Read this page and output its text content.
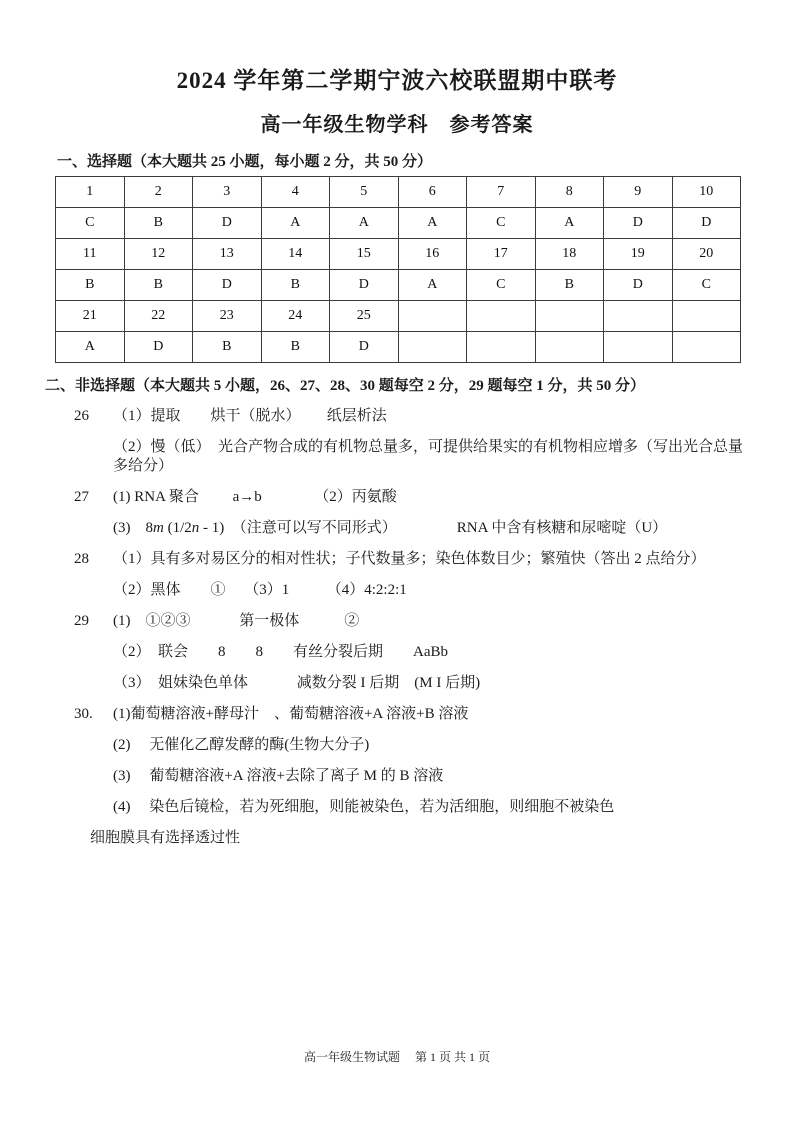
2024 学年第二学期宁波六校联盟期中联考
高一年级生物学科　参考答案
一、选择题（本大题共 25 小题，每小题 2 分，共 50 分）
1	2	3	4	5	6	7	8	9	10
C	B	D	A	A	A	C	A	D	D
11	12	13	14	15	16	17	18	19	20
B	B	D	B	D	A	C	B	D	C
21	22	23	24	25					
A	D	B	B	D					
二、非选择题（本大题共 5 小题，26、27、28、30 题每空 2 分，29 题每空 1 分，共 50 分）
26 （1）提取　　烘干（脱水）　　 纸层析法
（2）慢（低）　光合产物合成的有机物总量多，可提供给果实的有机物相应增多（写出光合总量多给分）
27 (1) RNA 聚合　　 a→b　　　　（2）丙氨酸
(3)　8m (1/2n - 1)　（注意可以写不同形式）　　　　  RNA 中含有核糖和尿嘧啶（U）
28 （1）具有多对易区分的相对性状；子代数量多；染色体数目少；繁殖快（答出 2 点给分）
（2）黑体　　①　 （3）1　　　（4）4:2:2:1
29 (1)　①②③　　　 第一极体　　　②
（2）　联会　　8　　8　　有丝分裂后期　　AaBb
（3）　姐妹染色单体　　　 减数分裂 I 后期　(M I 后期)
30. (1)葡萄糖溶液+酵母汁　、葡萄糖溶液+A 溶液+B 溶液
(2)　 无催化乙醇发酵的酶(生物大分子)
(3)　 葡萄糖溶液+A 溶液+去除了离子 M 的 B 溶液
(4)　 染色后镜检，若为死细胞，则能被染色，若为活细胞，则细胞不被染色
细胞膜具有选择透过性
高一年级生物试题　 第 1 页 共 1 页
